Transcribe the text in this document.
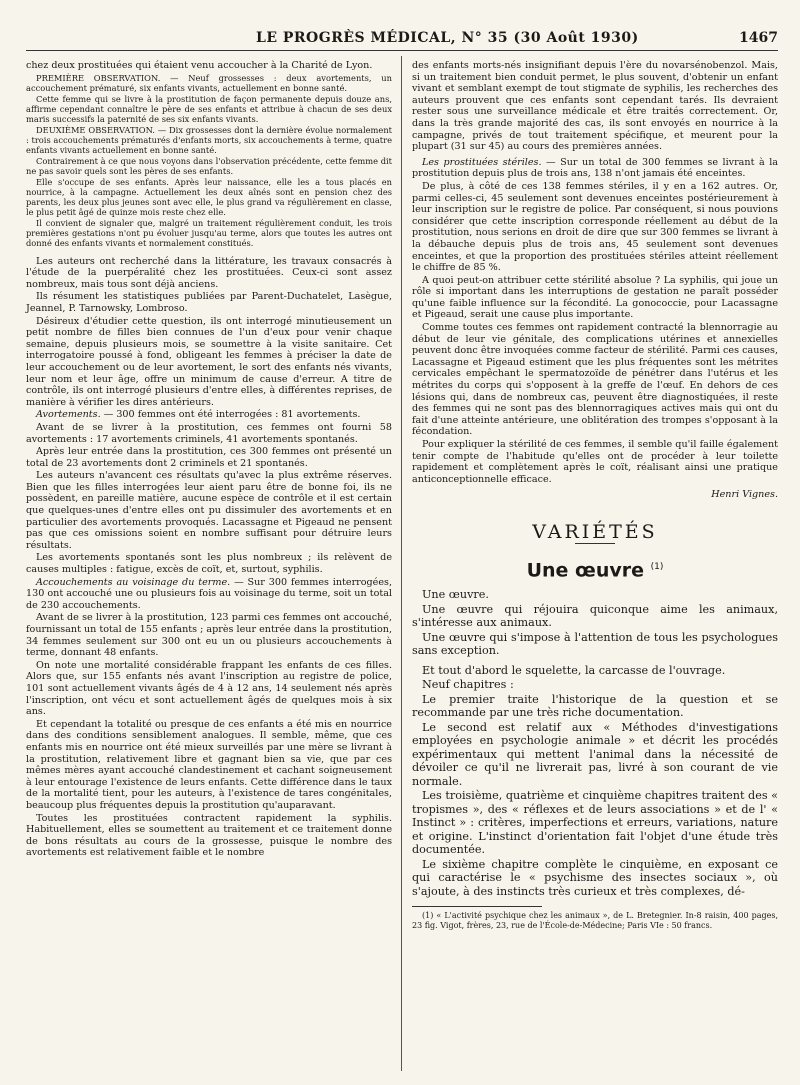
LE PROGRÈS MÉDICAL, N° 35 (30 Août 1930)	1467

chez deux prostituées qui étaient venu accoucher à la Charité de Lyon.

PREMIÈRE OBSERVATION. — Neuf grossesses : deux avortements, un accouchement prématuré, six enfants vivants, actuellement en bonne santé.

Cette femme qui se livre à la prostitution de façon permanente depuis douze ans, affirme cependant connaître le père de ses enfants et attribue à chacun de ses deux maris successifs la paternité de ses six enfants vivants.

DEUXIÈME OBSERVATION. — Dix grossesses dont la dernière évolue normalement : trois accouchements prématurés d'enfants morts, six accouchements à terme, quatre enfants vivants actuellement en bonne santé.

Contrairement à ce que nous voyons dans l'observation précédente, cette femme dit ne pas savoir quels sont les pères de ses enfants.

Elle s'occupe de ses enfants. Après leur naissance, elle les a tous placés en nourrice, à la campagne. Actuellement les deux aînés sont en pension chez des parents, les deux plus jeunes sont avec elle, le plus grand va régulièrement en classe, le plus petit âgé de quinze mois reste chez elle.

Il convient de signaler que, malgré un traitement régulièrement conduit, les trois premières gestations n'ont pu évoluer jusqu'au terme, alors que toutes les autres ont donné des enfants vivants et normalement constitués.

Les auteurs ont recherché dans la littérature, les travaux consacrés à l'étude de la puerpéralité chez les prostituées. Ceux-ci sont assez nombreux, mais tous sont déjà anciens.

Ils résument les statistiques publiées par Parent-Duchatelet, Lasègue, Jeannel, P. Tarnowsky, Lombroso.

Désireux d'étudier cette question, ils ont interrogé minutieusement un petit nombre de filles bien connues de l'un d'eux pour venir chaque semaine, depuis plusieurs mois, se soumettre à la visite sanitaire. Cet interrogatoire poussé à fond, obligeant les femmes à préciser la date de leur accouchement ou de leur avortement, le sort des enfants nés vivants, leur nom et leur âge, offre un minimum de cause d'erreur. A titre de contrôle, ils ont interrogé plusieurs d'entre elles, à différentes reprises, de manière à vérifier les dires antérieurs.

Avortements. — 300 femmes ont été interrogées : 81 avortements.

Avant de se livrer à la prostitution, ces femmes ont fourni 58 avortements : 17 avortements criminels, 41 avortements spontanés.

Après leur entrée dans la prostitution, ces 300 femmes ont présenté un total de 23 avortements dont 2 criminels et 21 spontanés.

Les auteurs n'avancent ces résultats qu'avec la plus extrême réserves. Bien que les filles interrogées leur aient paru être de bonne foi, ils ne possèdent, en pareille matière, aucune espèce de contrôle et il est certain que quelques-unes d'entre elles ont pu dissimuler des avortements et en particulier des avortements provoqués. Lacassagne et Pigeaud ne pensent pas que ces omissions soient en nombre suffisant pour détruire leurs résultats.

Les avortements spontanés sont les plus nombreux ; ils relèvent de causes multiples : fatigue, excès de coït, et, surtout, syphilis.

Accouchements au voisinage du terme. — Sur 300 femmes interrogées, 130 ont accouché une ou plusieurs fois au voisinage du terme, soit un total de 230 accouchements.

Avant de se livrer à la prostitution, 123 parmi ces femmes ont accouché, fournissant un total de 155 enfants ; après leur entrée dans la prostitution, 34 femmes seulement sur 300 ont eu un ou plusieurs accouchements à terme, donnant 48 enfants.

On note une mortalité considérable frappant les enfants de ces filles. Alors que, sur 155 enfants nés avant l'inscription au registre de police, 101 sont actuellement vivants âgés de 4 à 12 ans, 14 seulement nés après l'inscription, ont vécu et sont actuellement âgés de quelques mois à six ans.

Et cependant la totalité ou presque de ces enfants a été mis en nourrice dans des conditions sensiblement analogues. Il semble, même, que ces enfants mis en nourrice ont été mieux surveillés par une mère se livrant à la prostitution, relativement libre et gagnant bien sa vie, que par ces mêmes mères ayant accouché clandestinement et cachant soigneusement à leur entourage l'existence de leurs enfants. Cette différence dans le taux de la mortalité tient, pour les auteurs, à l'existence de tares congénitales, beaucoup plus fréquentes depuis la prostitution qu'auparavant.

Toutes les prostituées contractent rapidement la syphilis. Habituellement, elles se soumettent au traitement et ce traitement donne de bons résultats au cours de la grossesse, puisque le nombre des avortements est relativement faible et le nombre

des enfants morts-nés insignifiant depuis l'ère du novarsénobenzol. Mais, si un traitement bien conduit permet, le plus souvent, d'obtenir un enfant vivant et semblant exempt de tout stigmate de syphilis, les recherches des auteurs prouvent que ces enfants sont cependant tarés. Ils devraient rester sous une surveillance médicale et être traités correctement. Or, dans la très grande majorité des cas, ils sont envoyés en nourrice à la campagne, privés de tout traitement spécifique, et meurent pour la plupart (31 sur 45) au cours des premières années.

Les prostituées stériles. — Sur un total de 300 femmes se livrant à la prostitution depuis plus de trois ans, 138 n'ont jamais été enceintes.

De plus, à côté de ces 138 femmes stériles, il y en a 162 autres. Or, parmi celles-ci, 45 seulement sont devenues enceintes postérieurement à leur inscription sur le registre de police. Par conséquent, si nous pouvions considérer que cette inscription corresponde réellement au début de la prostitution, nous serions en droit de dire que sur 300 femmes se livrant à la débauche depuis plus de trois ans, 45 seulement sont devenues enceintes, et que la proportion des prostituées stériles atteint réellement le chiffre de 85 %.

A quoi peut-on attribuer cette stérilité absolue ? La syphilis, qui joue un rôle si important dans les interruptions de gestation ne paraît posséder qu'une faible influence sur la fécondité. La gonococcie, pour Lacassagne et Pigeaud, serait une cause plus importante.

Comme toutes ces femmes ont rapidement contracté la blennorragie au début de leur vie génitale, des complications utérines et annexielles peuvent donc être invoquées comme facteur de stérilité. Parmi ces causes, Lacassagne et Pigeaud estiment que les plus fréquentes sont les métrites cervicales empêchant le spermatozoïde de pénétrer dans l'utérus et les métrites du corps qui s'opposent à la greffe de l'œuf. En dehors de ces lésions qui, dans de nombreux cas, peuvent être diagnostiquées, il reste des femmes qui ne sont pas des blennorragiques actives mais qui ont du fait d'une atteinte antérieure, une oblitération des trompes s'opposant à la fécondation.

Pour expliquer la stérilité de ces femmes, il semble qu'il faille également tenir compte de l'habitude qu'elles ont de procéder à leur toilette rapidement et complètement après le coït, réalisant ainsi une pratique anticonceptionnelle efficace.

Henri Vignes.

VARIÉTÉS

Une œuvre $^{(1)}$

Une œuvre.

Une œuvre qui réjouira quiconque aime les animaux, s'intéresse aux animaux.

Une œuvre qui s'impose à l'attention de tous les psychologues sans exception.

Et tout d'abord le squelette, la carcasse de l'ouvrage.

Neuf chapitres :

Le premier traite l'historique de la question et se recommande par une très riche documentation.

Le second est relatif aux « Méthodes d'investigations employées en psychologie animale » et décrit les procédés expérimentaux qui mettent l'animal dans la nécessité de dévoiler ce qu'il ne livrerait pas, livré à son courant de vie normale.

Les troisième, quatrième et cinquième chapitres traitent des « tropismes », des « réflexes et de leurs associations » et de l' « Instinct » : critères, imperfections et erreurs, variations, nature et origine. L'instinct d'orientation fait l'objet d'une étude très documentée.

Le sixième chapitre complète le cinquième, en exposant ce qui caractérise le « psychisme des insectes sociaux », où s'ajoute, à des instincts très curieux et très complexes, dé-

(1) « L'activité psychique chez les animaux », de L. Bretegnier. In-8 raisin, 400 pages, 23 fig. Vigot, frères, 23, rue de l'École-de-Médecine; Paris VIe : 50 francs.
